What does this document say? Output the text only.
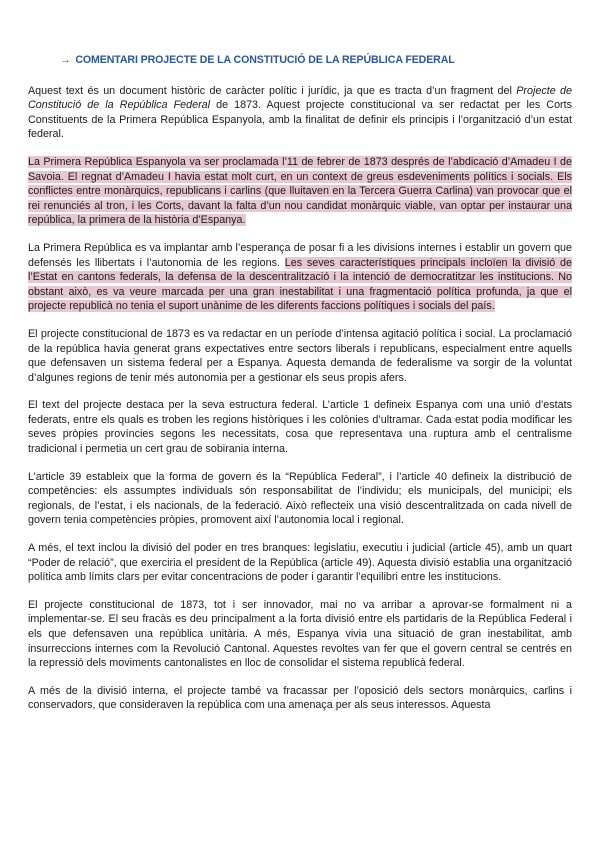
→ COMENTARI PROJECTE DE LA CONSTITUCIÓ DE LA REPÚBLICA FEDERAL

Aquest text és un document històric de caràcter polític i jurídic, ja que es tracta d’un fragment del Projecte de Constitució de la República Federal de 1873. Aquest projecte constitucional va ser redactat per les Corts Constituents de la Primera República Espanyola, amb la finalitat de definir els principis i l’organització d’un estat federal.

La Primera República Espanyola va ser proclamada l’11 de febrer de 1873 després de l’abdicació d’Amadeu I de Savoia. El regnat d’Amadeu I havia estat molt curt, en un context de greus esdeveniments polítics i socials. Els conflictes entre monàrquics, republicans i carlins (que lluitaven en la Tercera Guerra Carlina) van provocar que el rei renunciés al tron, i les Corts, davant la falta d’un nou candidat monàrquic viable, van optar per instaurar una república, la primera de la història d’Espanya.

La Primera República es va implantar amb l’esperança de posar fi a les divisions internes i establir un govern que defensés les llibertats i l’autonomia de les regions. Les seves característiques principals incloïen la divisió de l’Estat en cantons federals, la defensa de la descentralització i la intenció de democratitzar les institucions. No obstant això, es va veure marcada per una gran inestabilitat i una fragmentació política profunda, ja que el projecte republicà no tenia el suport unànime de les diferents faccions polítiques i socials del país.

El projecte constitucional de 1873 es va redactar en un període d’intensa agitació política i social. La proclamació de la república havia generat grans expectatives entre sectors liberals i republicans, especialment entre aquells que defensaven un sistema federal per a Espanya. Aquesta demanda de federalisme va sorgir de la voluntat d’algunes regions de tenir més autonomia per a gestionar els seus propis afers.

El text del projecte destaca per la seva estructura federal. L’article 1 defineix Espanya com una unió d’estats federats, entre els quals es troben les regions històriques i les colònies d’ultramar. Cada estat podia modificar les seves pròpies províncies segons les necessitats, cosa que representava una ruptura amb el centralisme tradicional i permetia un cert grau de sobirania interna.

L’article 39 estableix que la forma de govern és la “República Federal”, i l’article 40 defineix la distribució de competències: els assumptes individuals són responsabilitat de l’individu; els municipals, del municipi; els regionals, de l’estat, i els nacionals, de la federació. Això reflecteix una visió descentralitzada on cada nivell de govern tenia competències pròpies, promovent així l’autonomia local i regional.

A més, el text inclou la divisió del poder en tres branques: legislatiu, executiu i judicial (article 45), amb un quart “Poder de relació”, que exerciria el president de la República (article 49). Aquesta divisió establia una organització política amb límits clars per evitar concentracions de poder i garantir l’equilibri entre les institucions.

El projecte constitucional de 1873, tot i ser innovador, mai no va arribar a aprovar-se formalment ni a implementar-se. El seu fracàs es deu principalment a la forta divisió entre els partidaris de la República Federal i els que defensaven una república unitària. A més, Espanya vivia una situació de gran inestabilitat, amb insurreccions internes com la Revolució Cantonal. Aquestes revoltes van fer que el govern central se centrés en la repressió dels moviments cantonalistes en lloc de consolidar el sistema republicà federal.

A més de la divisió interna, el projecte també va fracassar per l’oposició dels sectors monàrquics, carlins i conservadors, que consideraven la república com una amenaça per als seus interessos. Aquesta
